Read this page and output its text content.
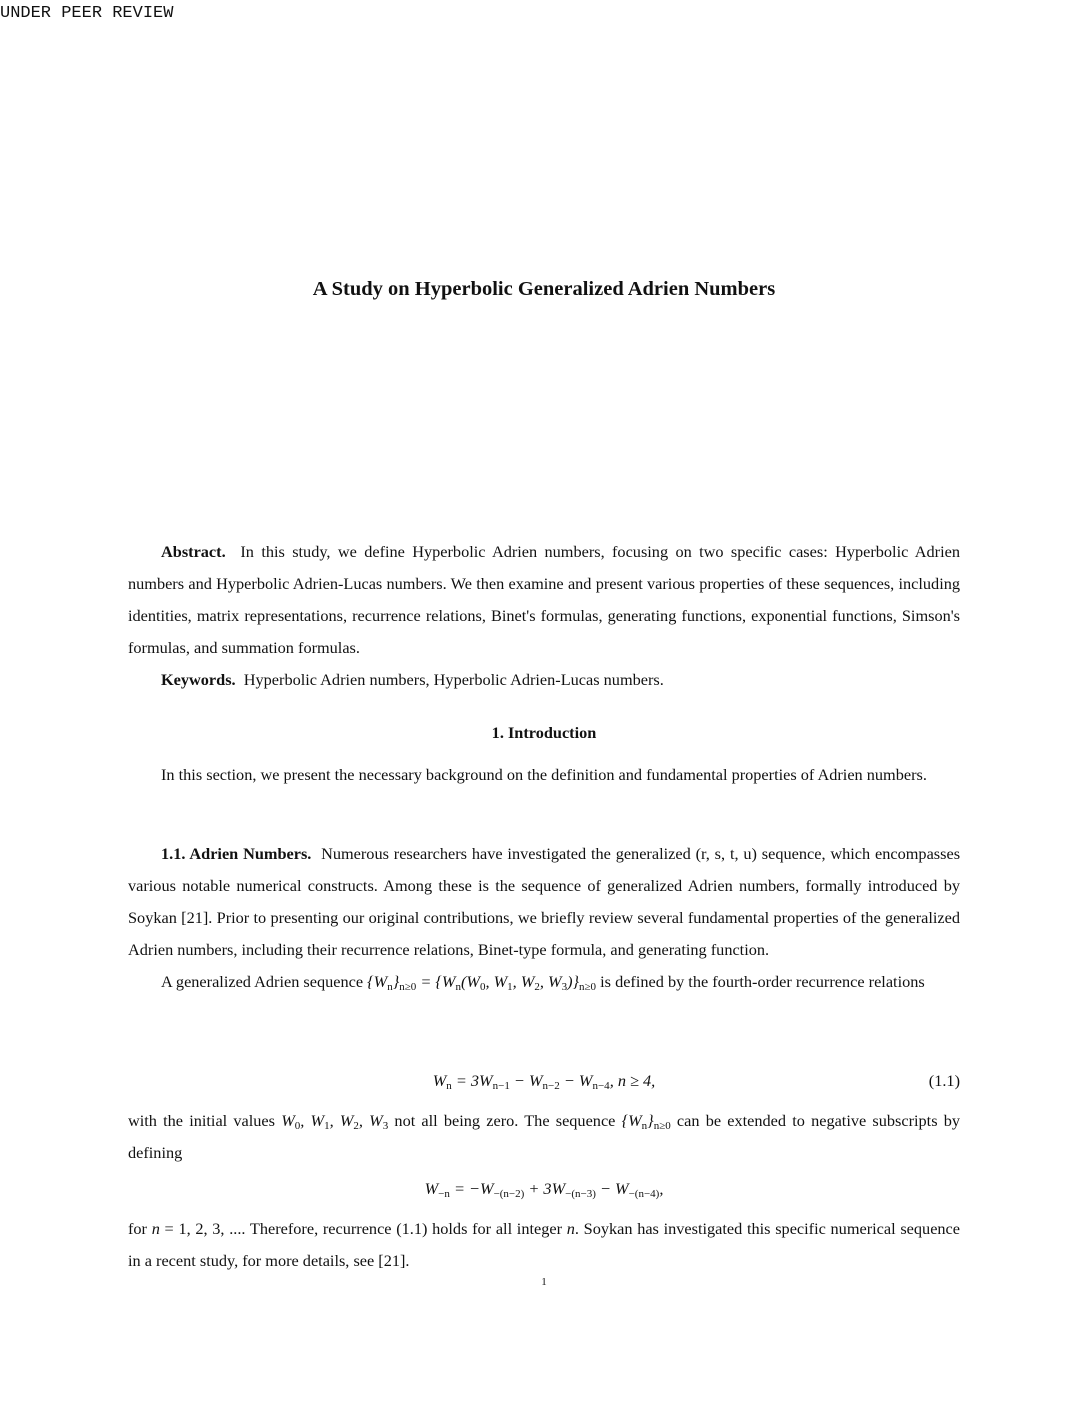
UNDER PEER REVIEW
A Study on Hyperbolic Generalized Adrien Numbers

Abstract. In this study, we define Hyperbolic Adrien numbers, focusing on two specific cases: Hyperbolic Adrien numbers and Hyperbolic Adrien-Lucas numbers. We then examine and present various properties of these sequences, including identities, matrix representations, recurrence relations, Binet's formulas, generating functions, exponential functions, Simson's formulas, and summation formulas.

Keywords. Hyperbolic Adrien numbers, Hyperbolic Adrien-Lucas numbers.

1. Introduction

In this section, we present the necessary background on the definition and fundamental properties of Adrien numbers.

1.1. Adrien Numbers. Numerous researchers have investigated the generalized (r, s, t, u) sequence, which encompasses various notable numerical constructs. Among these is the sequence of generalized Adrien numbers, formally introduced by Soykan [21]. Prior to presenting our original contributions, we briefly review several fundamental properties of the generalized Adrien numbers, including their recurrence relations, Binet-type formula, and generating function.

A generalized Adrien sequence $\{W_n\}_{n\ge 0} = \{W_n(W_0$, $W_1$, $W_2$, $W_3)\}_{n\ge 0}$ is defined by the fourth-order recurrence relations

$W_n = 3W_{n-1} - W_{n-2} - W_{n-4}$, n ≥ 4,	(1.1)

with the initial values $W_0$, $W_1$, $W_2$, $W_3$ not all being zero. The sequence $\{W_n\}_{n\ge 0}$ can be extended to negative subscripts by defining

$W_{-n} = -W_{-(n-2)} + 3W_{-(n-3)} - W_{-(n-4)}$,

for n = 1, 2, 3, .... Therefore, recurrence (1.1) holds for all integer n. Soykan has investigated this specific numerical sequence in a recent study, for more details, see [21].

1
